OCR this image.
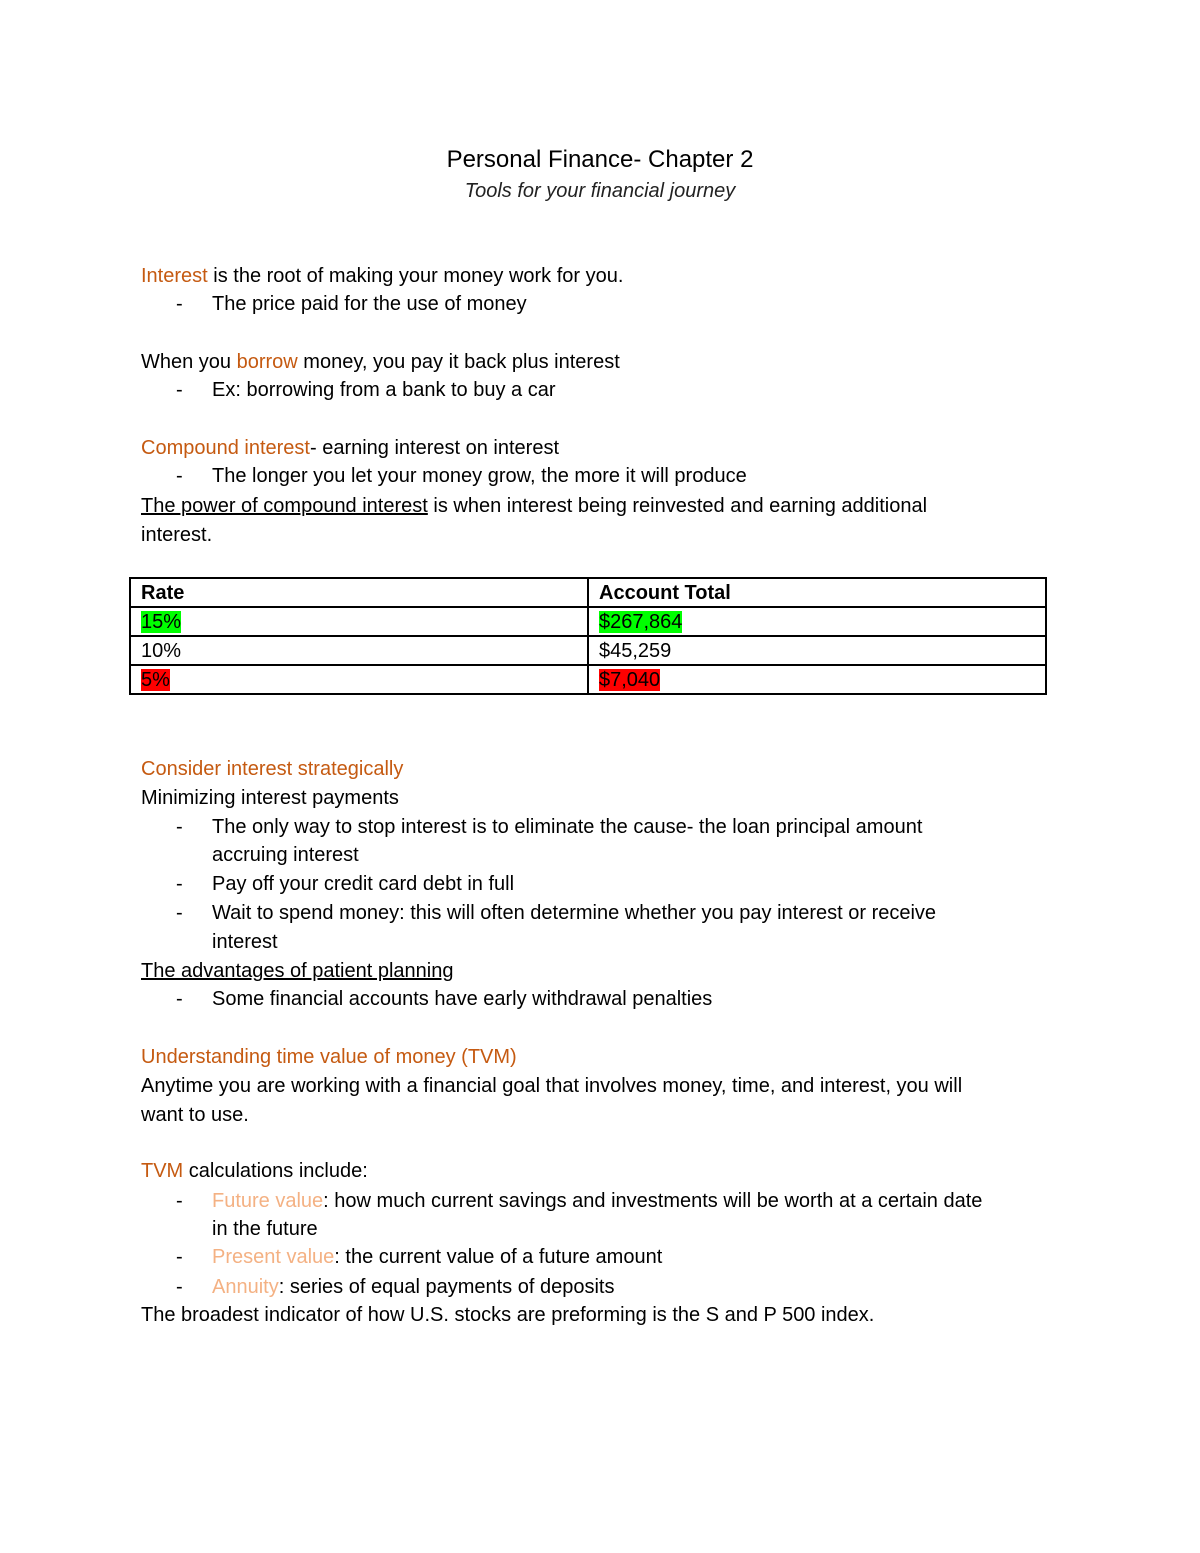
Personal Finance- Chapter 2
Tools for your financial journey
Interest is the root of making your money work for you.
- The price paid for the use of money
When you borrow money, you pay it back plus interest
- Ex: borrowing from a bank to buy a car
Compound interest- earning interest on interest
- The longer you let your money grow, the more it will produce
The power of compound interest is when interest being reinvested and earning additional
interest.
Rate	Account Total
15%	$267,864
10%	$45,259
5%	$7,040
Consider interest strategically
Minimizing interest payments
- The only way to stop interest is to eliminate the cause- the loan principal amount
accruing interest
- Pay off your credit card debt in full
- Wait to spend money: this will often determine whether you pay interest or receive
interest
The advantages of patient planning
- Some financial accounts have early withdrawal penalties
Understanding time value of money (TVM)
Anytime you are working with a financial goal that involves money, time, and interest, you will
want to use.
TVM calculations include:
- Future value: how much current savings and investments will be worth at a certain date
in the future
- Present value: the current value of a future amount
- Annuity: series of equal payments of deposits
The broadest indicator of how U.S. stocks are preforming is the S and P 500 index.
